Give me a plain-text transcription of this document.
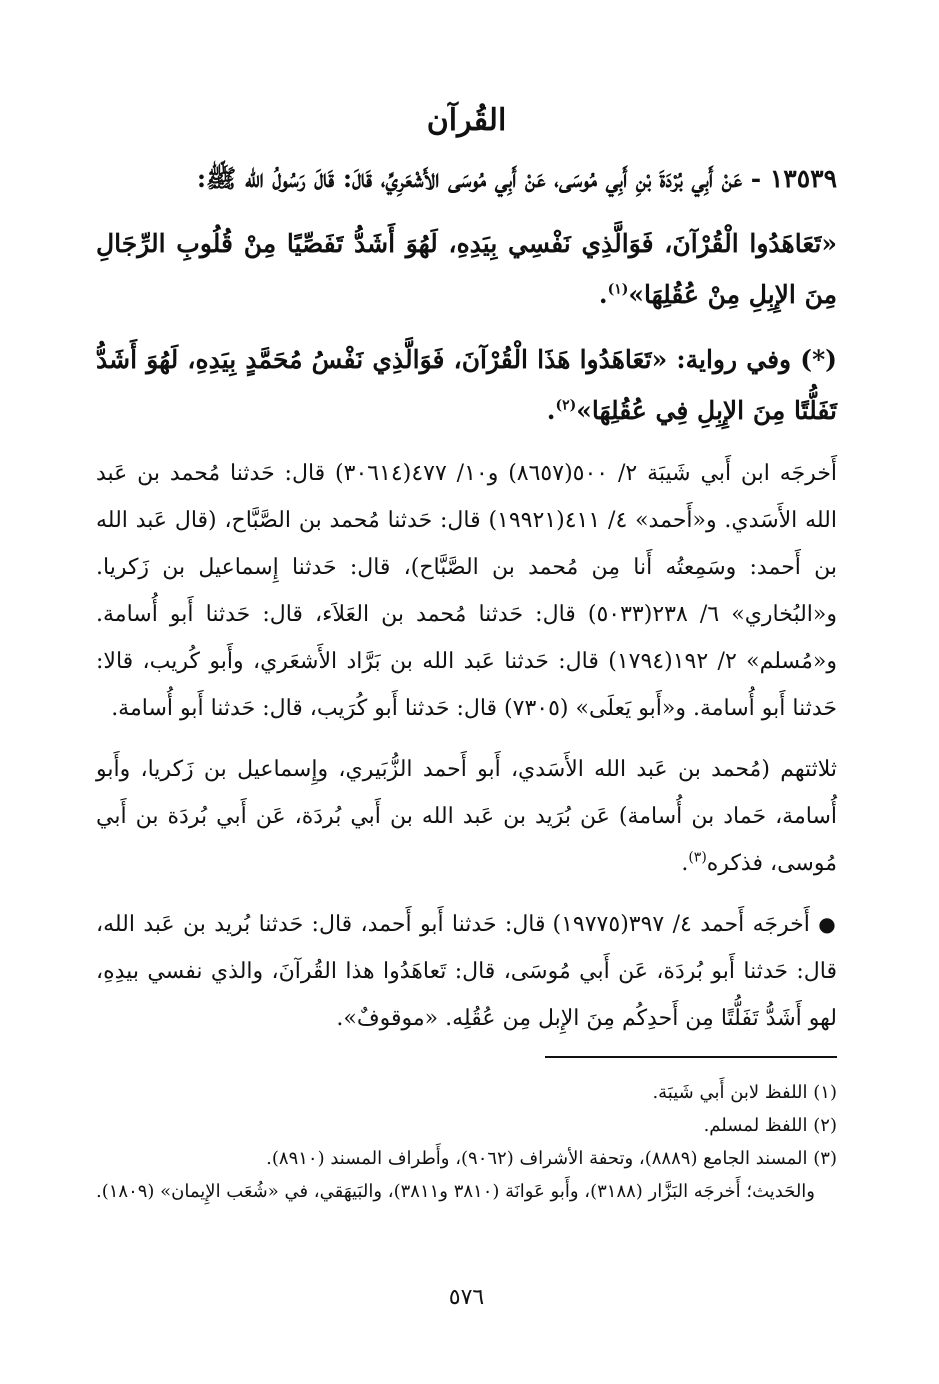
القُرآن

١٣٥٣٩ - عَنْ أَبِي بُرْدَةَ بْنِ أَبِي مُوسَى، عَنْ أَبِي مُوسَى الأَشْعَرِيِّ، قَالَ: قَالَ رَسُولُ الله ﷺ:

«تَعَاهَدُوا الْقُرْآنَ، فَوَالَّذِي نَفْسِي بِيَدِهِ، لَهُوَ أَشَدُّ تَفَصِّيًا مِنْ قُلُوبِ الرِّجَالِ مِنَ الإِبِلِ مِنْ عُقُلِهَا»$^{(١)}$.

(*) وفي رواية: «تَعَاهَدُوا هَذَا الْقُرْآنَ، فَوَالَّذِي نَفْسُ مُحَمَّدٍ بِيَدِهِ، لَهُوَ أَشَدُّ تَفَلُّتًا مِنَ الإِبِلِ فِي عُقُلِهَا»$^{(٢)}$.

أَخرجَه ابن أَبي شَيبَة ٢/ ٥٠٠(٨٦٥٧) و١٠/ ٤٧٧(٣٠٦١٤) قال: حَدثنا مُحمد بن عَبد الله الأَسَدي. و«أَحمد» ٤/ ٤١١(١٩٩٢١) قال: حَدثنا مُحمد بن الصَّبَّاح، (قال عَبد الله بن أَحمد: وسَمِعتُه أَنا مِن مُحمد بن الصَّبَّاح)، قال: حَدثنا إِسماعيل بن زَكريا. و«البُخاري» ٦/ ٢٣٨(٥٠٣٣) قال: حَدثنا مُحمد بن العَلاَء، قال: حَدثنا أَبو أُسامة. و«مُسلم» ٢/ ١٩٢(١٧٩٤) قال: حَدثنا عَبد الله بن بَرَّاد الأَشعَري، وأَبو كُريب، قالا: حَدثنا أَبو أُسامة. و«أَبو يَعلَى» (٧٣٠٥) قال: حَدثنا أَبو كُرَيب، قال: حَدثنا أَبو أُسامة.

ثلاثتهم (مُحمد بن عَبد الله الأَسَدي، أَبو أَحمد الزُّبَيري، وإِسماعيل بن زَكريا، وأَبو أُسامة، حَماد بن أُسامة) عَن بُرَيد بن عَبد الله بن أَبي بُردَة، عَن أَبي بُردَة بن أَبي مُوسى، فذكره$^{(٣)}$.

● أَخرجَه أَحمد ٤/ ٣٩٧(١٩٧٧٥) قال: حَدثنا أَبو أَحمد، قال: حَدثنا بُريد بن عَبد الله، قال: حَدثنا أَبو بُردَة، عَن أَبي مُوسَى، قال: تَعاهَدُوا هذا القُرآنَ، والذي نفسي بيدِهِ، لهو أَشَدُّ تَفَلُّتًا مِن أَحدِكُم مِنَ الإِبل مِن عُقُلِه. «موقوفٌ».

(١) اللفظ لابن أَبي شَيبَة.

(٢) اللفظ لمسلم.

(٣) المسند الجامع (٨٨٨٩)، وتحفة الأشراف (٩٠٦٢)، وأَطراف المسند (٨٩١٠).

والحَديث؛ أَخرجَه البَزَّار (٣١٨٨)، وأَبو عَوانَة (٣٨١٠ و٣٨١١)، والبَيهَقي، في «شُعَب الإِيمان» (١٨٠٩).

٥٧٦
